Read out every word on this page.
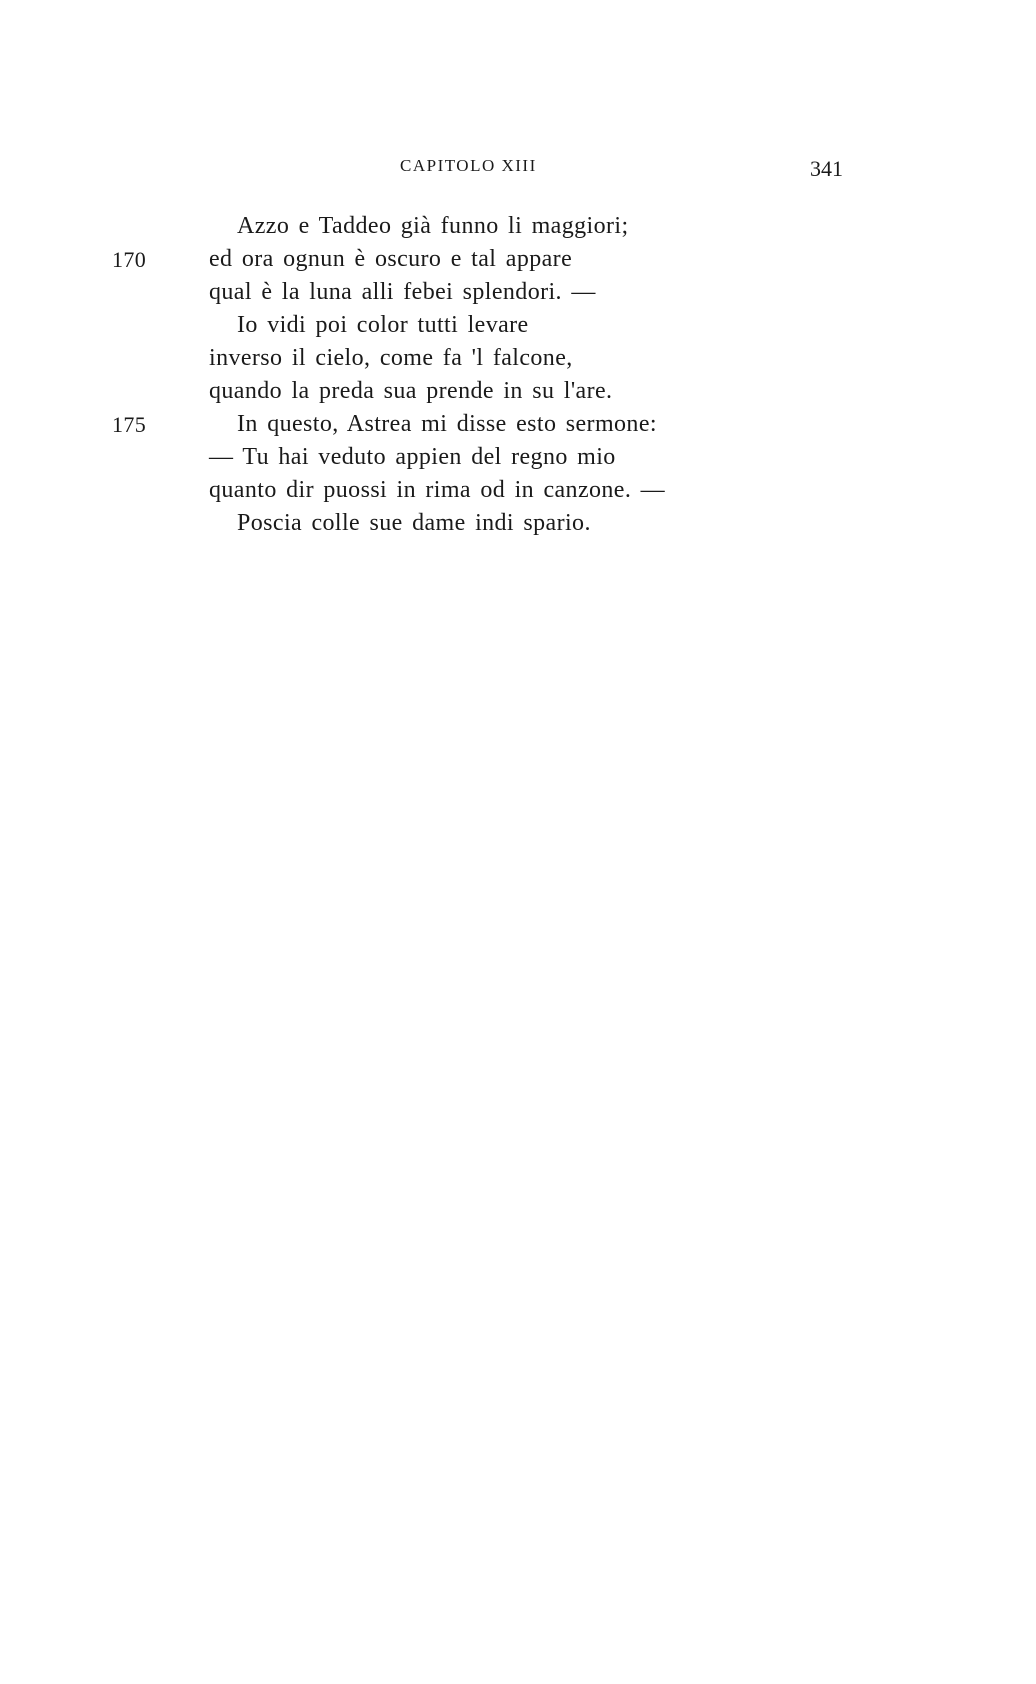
CAPITOLO XIII	341
Azzo e Taddeo già funno li maggiori;
170	ed ora ognun è oscuro e tal appare
qual è la luna alli febei splendori. —
Io vidi poi color tutti levare
inverso il cielo, come fa 'l falcone,
quando la preda sua prende in su l'are.
175	In questo, Astrea mi disse esto sermone:
— Tu hai veduto appien del regno mio
quanto dir puossi in rima od in canzone. —
Poscia colle sue dame indi spario.
